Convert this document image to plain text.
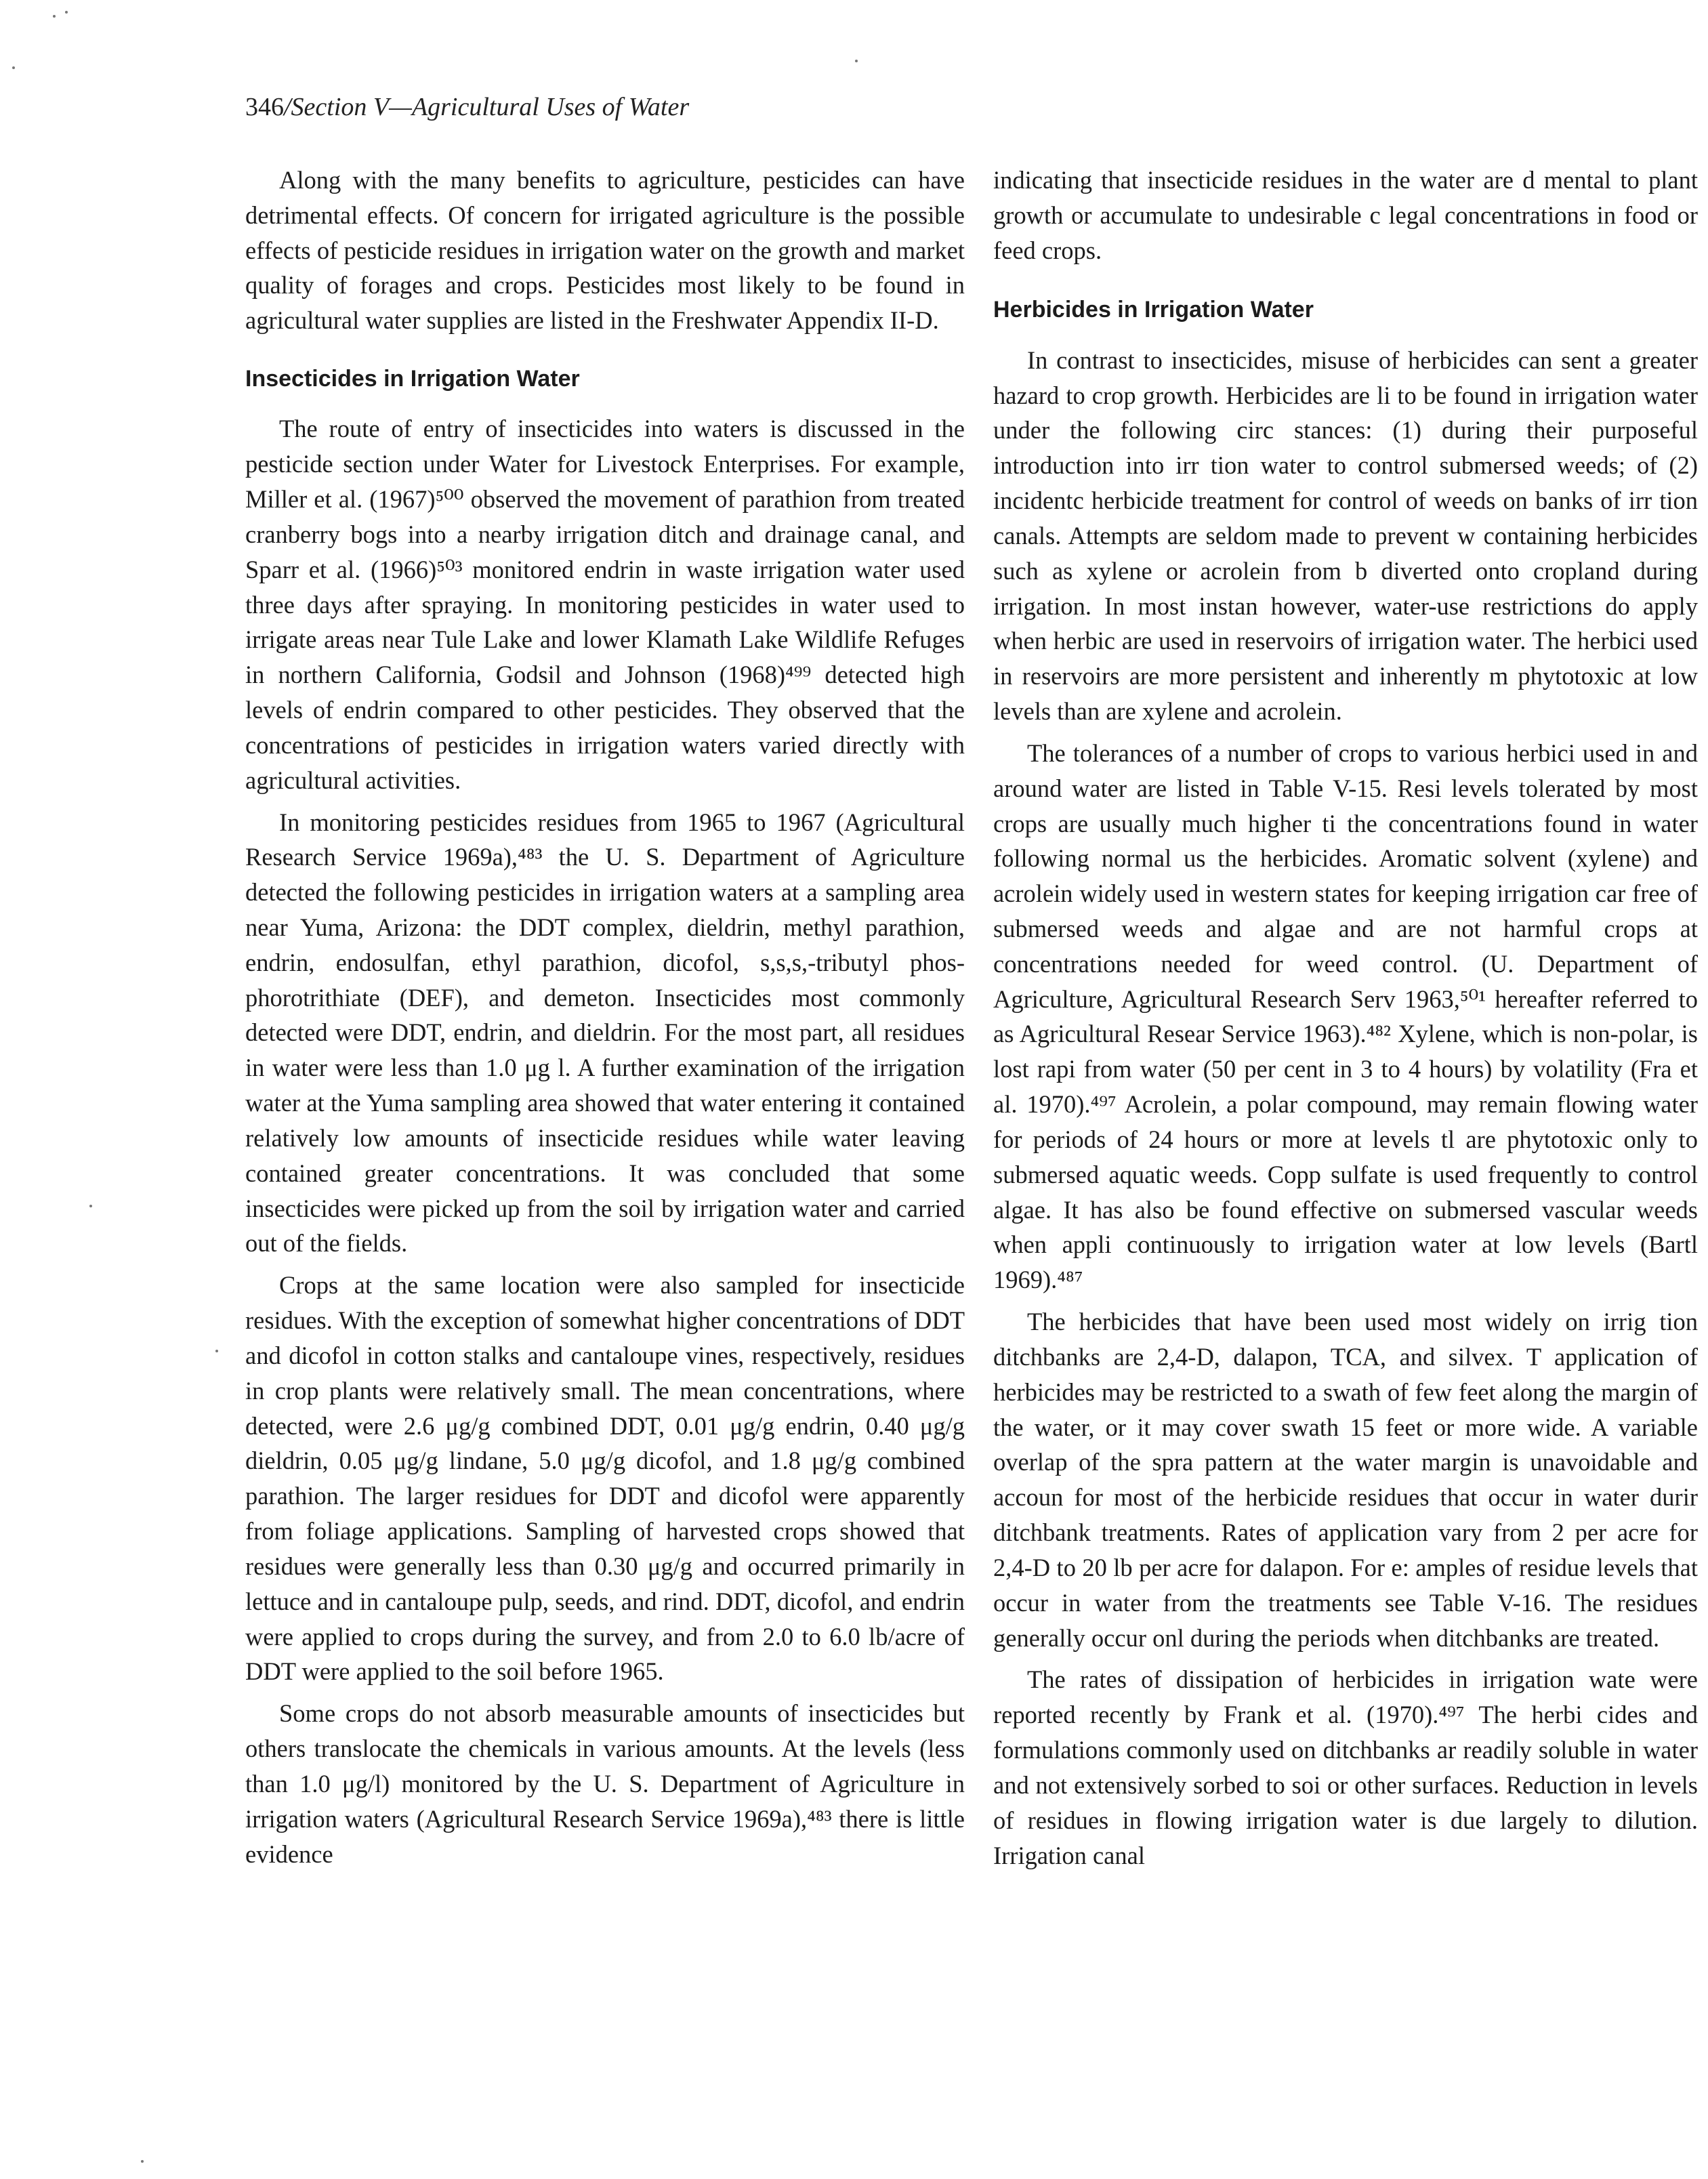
346/Section V—Agricultural Uses of Water

Along with the many benefits to agriculture, pesticides can have detrimental effects. Of concern for irrigated agriculture is the possible effects of pesticide residues in irrigation water on the growth and market quality of forages and crops. Pesticides most likely to be found in agricultural water supplies are listed in the Freshwater Appendix II-D.

Insecticides in Irrigation Water

The route of entry of insecticides into waters is discussed in the pesticide section under Water for Livestock Enterprises. For example, Miller et al. (1967)⁵⁰⁰ observed the movement of parathion from treated cranberry bogs into a nearby irrigation ditch and drainage canal, and Sparr et al. (1966)⁵⁰³ monitored endrin in waste irrigation water used three days after spraying. In monitoring pesticides in water used to irrigate areas near Tule Lake and lower Klamath Lake Wildlife Refuges in northern California, Godsil and Johnson (1968)⁴⁹⁹ detected high levels of endrin compared to other pesticides. They observed that the concentrations of pesticides in irrigation waters varied directly with agricultural activities.

In monitoring pesticides residues from 1965 to 1967 (Agricultural Research Service 1969a),⁴⁸³ the U. S. Department of Agriculture detected the following pesticides in irrigation waters at a sampling area near Yuma, Arizona: the DDT complex, dieldrin, methyl parathion, endrin, endosulfan, ethyl parathion, dicofol, s,s,s,-tributyl phosphorotrithiate (DEF), and demeton. Insecticides most commonly detected were DDT, endrin, and dieldrin. For the most part, all residues in water were less than 1.0 μg l. A further examination of the irrigation water at the Yuma sampling area showed that water entering it contained relatively low amounts of insecticide residues while water leaving contained greater concentrations. It was concluded that some insecticides were picked up from the soil by irrigation water and carried out of the fields.

Crops at the same location were also sampled for insecticide residues. With the exception of somewhat higher concentrations of DDT and dicofol in cotton stalks and cantaloupe vines, respectively, residues in crop plants were relatively small. The mean concentrations, where detected, were 2.6 μg/g combined DDT, 0.01 μg/g endrin, 0.40 μg/g dieldrin, 0.05 μg/g lindane, 5.0 μg/g dicofol, and 1.8 μg/g combined parathion. The larger residues for DDT and dicofol were apparently from foliage applications. Sampling of harvested crops showed that residues were generally less than 0.30 μg/g and occurred primarily in lettuce and in cantaloupe pulp, seeds, and rind. DDT, dicofol, and endrin were applied to crops during the survey, and from 2.0 to 6.0 lb/acre of DDT were applied to the soil before 1965.

Some crops do not absorb measurable amounts of insecticides but others translocate the chemicals in various amounts. At the levels (less than 1.0 μg/l) monitored by the U. S. Department of Agriculture in irrigation waters (Agricultural Research Service 1969a),⁴⁸³ there is little evidence

indicating that insecticide residues in the water are d mental to plant growth or accumulate to undesirable c legal concentrations in food or feed crops.

Herbicides in Irrigation Water

In contrast to insecticides, misuse of herbicides can sent a greater hazard to crop growth. Herbicides are li to be found in irrigation water under the following circ stances: (1) during their purposeful introduction into irr tion water to control submersed weeds; of (2) incidentc herbicide treatment for control of weeds on banks of irr tion canals. Attempts are seldom made to prevent w containing herbicides such as xylene or acrolein from b diverted onto cropland during irrigation. In most instan however, water-use restrictions do apply when herbic are used in reservoirs of irrigation water. The herbici used in reservoirs are more persistent and inherently m phytotoxic at low levels than are xylene and acrolein.

The tolerances of a number of crops to various herbici used in and around water are listed in Table V-15. Resi levels tolerated by most crops are usually much higher ti the concentrations found in water following normal us the herbicides. Aromatic solvent (xylene) and acrolein widely used in western states for keeping irrigation car free of submersed weeds and algae and are not harmful crops at concentrations needed for weed control. (U. Department of Agriculture, Agricultural Research Serv 1963,⁵⁰¹ hereafter referred to as Agricultural Resear Service 1963).⁴⁸² Xylene, which is non-polar, is lost rapi from water (50 per cent in 3 to 4 hours) by volatility (Fra et al. 1970).⁴⁹⁷ Acrolein, a polar compound, may remain flowing water for periods of 24 hours or more at levels tl are phytotoxic only to submersed aquatic weeds. Copp sulfate is used frequently to control algae. It has also be found effective on submersed vascular weeds when appli continuously to irrigation water at low levels (Bartl 1969).⁴⁸⁷

The herbicides that have been used most widely on irrig tion ditchbanks are 2,4-D, dalapon, TCA, and silvex. T application of herbicides may be restricted to a swath of few feet along the margin of the water, or it may cover swath 15 feet or more wide. A variable overlap of the spra pattern at the water margin is unavoidable and accoun for most of the herbicide residues that occur in water durir ditchbank treatments. Rates of application vary from 2 per acre for 2,4-D to 20 lb per acre for dalapon. For e: amples of residue levels that occur in water from the treatments see Table V-16. The residues generally occur onl during the periods when ditchbanks are treated.

The rates of dissipation of herbicides in irrigation wate were reported recently by Frank et al. (1970).⁴⁹⁷ The herbi cides and formulations commonly used on ditchbanks ar readily soluble in water and not extensively sorbed to soi or other surfaces. Reduction in levels of residues in flowing irrigation water is due largely to dilution. Irrigation canal
